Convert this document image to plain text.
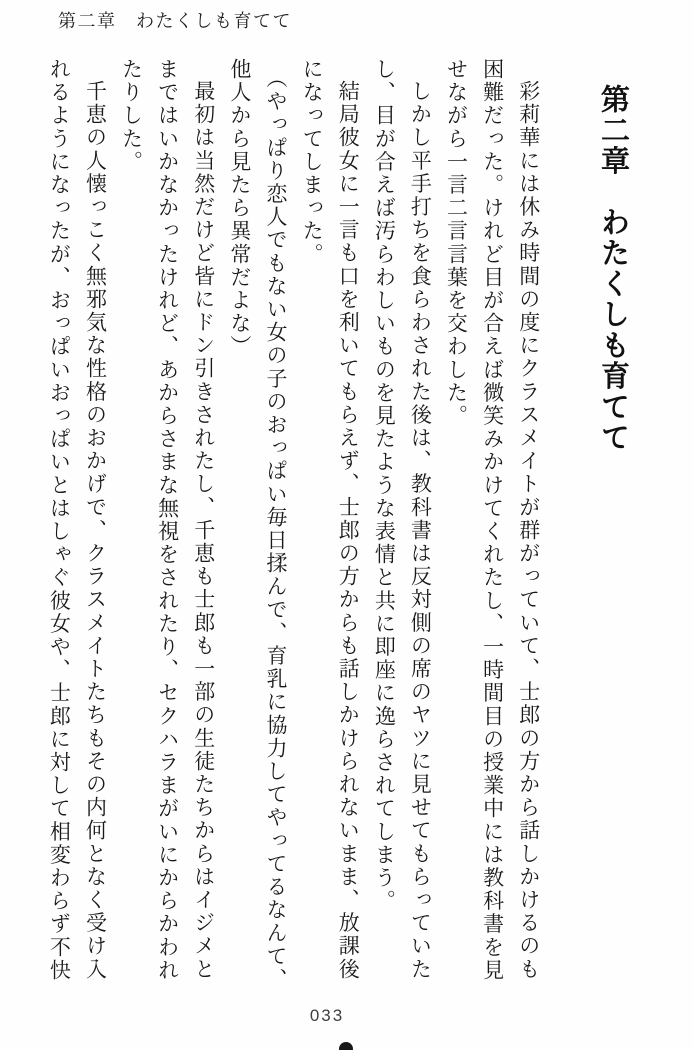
第二章　わたくしも育てて
第二章　わたくしも育てて

彩莉華には休み時間の度にクラスメイトが群がっていて、士郎の方から話しかけるのも困難だった。けれど目が合えば微笑みかけてくれたし、一時間目の授業中には教科書を見せながら一言二言言葉を交わした。

しかし平手打ちを食らわされた後は、教科書は反対側の席のヤツに見せてもらっていたし、目が合えば汚らわしいものを見たような表情と共に即座に逸らされてしまう。

結局彼女に一言も口を利いてもらえず、士郎の方からも話しかけられないまま、放課後になってしまった。

（やっぱり恋人でもない女の子のおっぱい毎日揉んで、育乳に協力してやってるなんて、他人から見たら異常だよな）

最初は当然だけど皆にドン引きされたし、千恵も士郎も一部の生徒たちからはイジメとまではいかなかったけれど、あからさまな無視をされたり、セクハラまがいにからかわれたりした。

千恵の人懐っこく無邪気な性格のおかげで、クラスメイトたちもその内何となく受け入れるようになったが、おっぱいおっぱいとはしゃぐ彼女や、士郎に対して相変わらず不快

033
